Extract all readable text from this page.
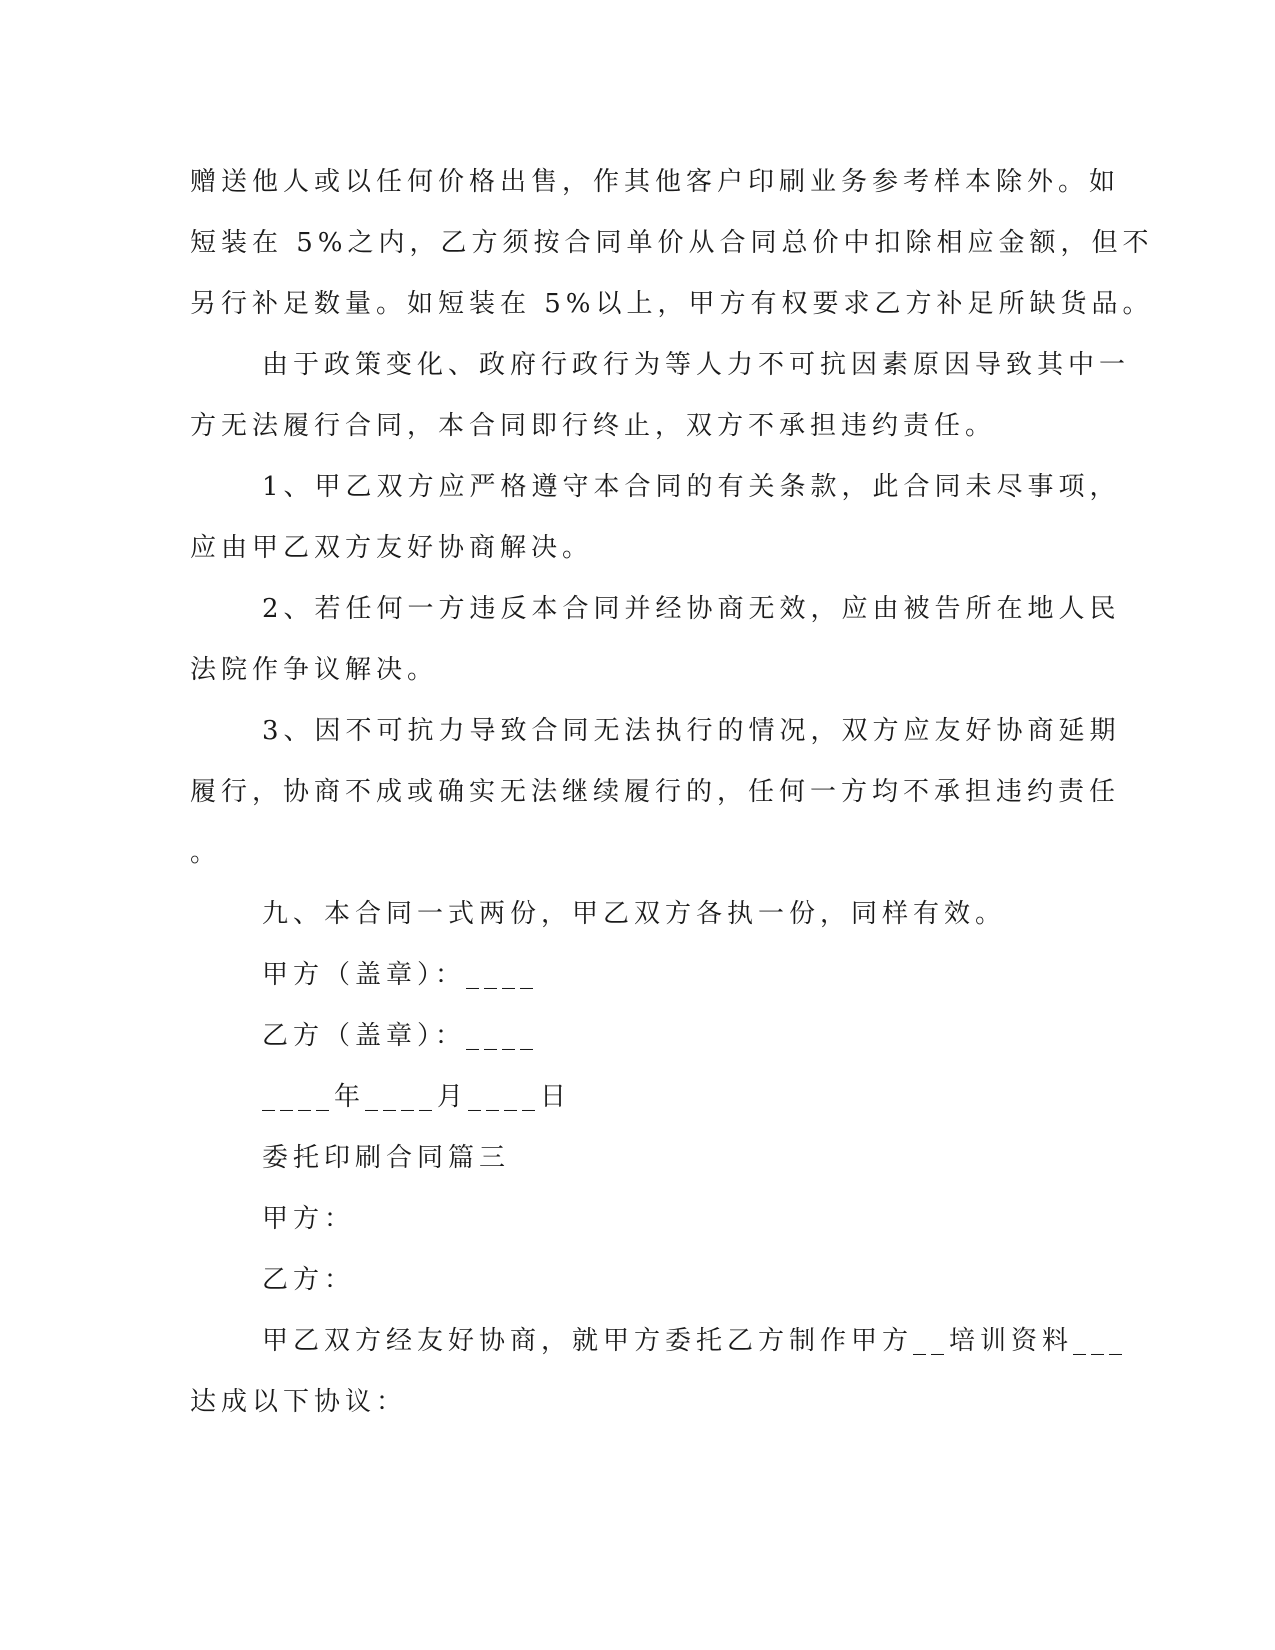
赠送他人或以任何价格出售，作其他客户印刷业务参考样本除外。如
短装在 5%之内，乙方须按合同单价从合同总价中扣除相应金额，但不
另行补足数量。如短装在 5%以上，甲方有权要求乙方补足所缺货品。
由于政策变化、政府行政行为等人力不可抗因素原因导致其中一
方无法履行合同，本合同即行终止，双方不承担违约责任。
1、甲乙双方应严格遵守本合同的有关条款，此合同未尽事项，
应由甲乙双方友好协商解决。
2、若任何一方违反本合同并经协商无效，应由被告所在地人民
法院作争议解决。
3、因不可抗力导致合同无法执行的情况，双方应友好协商延期
履行，协商不成或确实无法继续履行的，任何一方均不承担违约责任
。
九、本合同一式两份，甲乙双方各执一份，同样有效。
甲方（盖章）：____
乙方（盖章）：____
____年____月____日
委托印刷合同篇三
甲方：
乙方：
甲乙双方经友好协商，就甲方委托乙方制作甲方__培训资料___
达成以下协议：
